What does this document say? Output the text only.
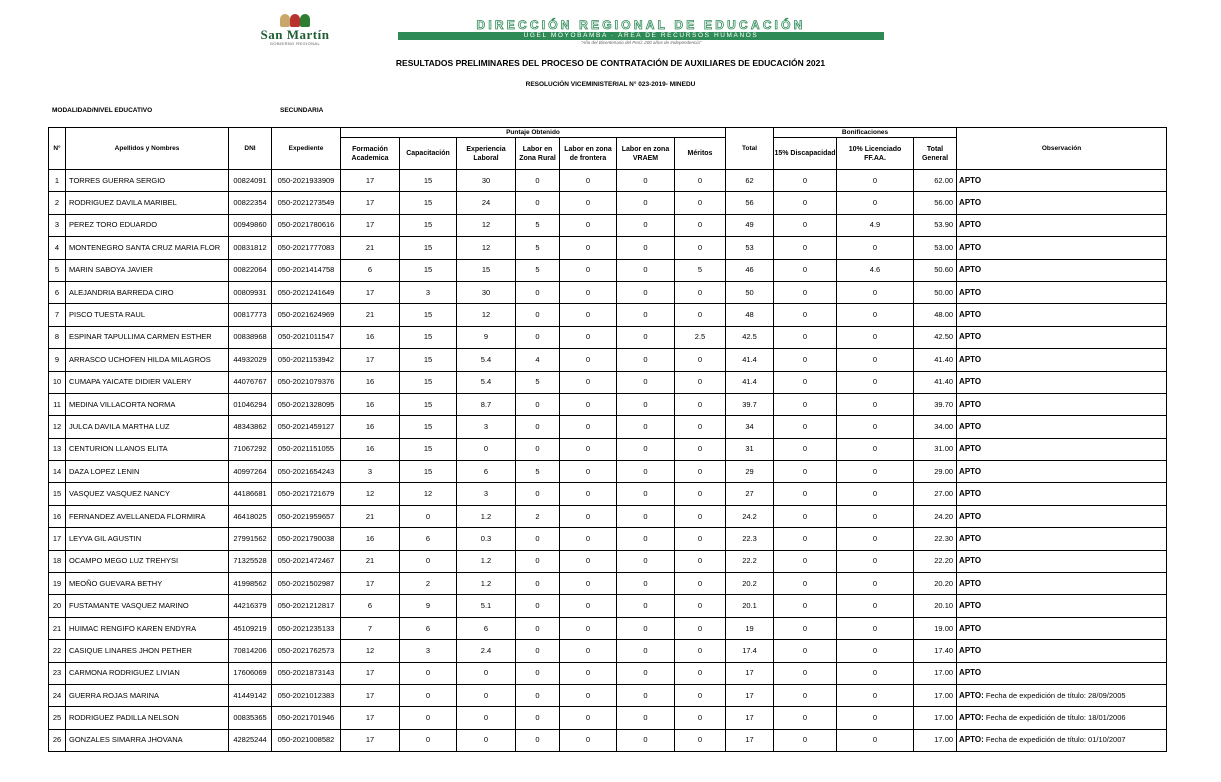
San Martín
GOBIERNO REGIONAL
DIRECCIÓN REGIONAL DE EDUCACIÓN
UGEL MOYOBAMBA · ÁREA DE RECURSOS HUMANOS
"Año del Bicentenario del Perú: 200 años de Independencia"
RESULTADOS PRELIMINARES DEL PROCESO DE CONTRATACIÓN DE AUXILIARES DE EDUCACIÓN 2021
RESOLUCIÓN VICEMINISTERIAL N° 023-2019- MINEDU
MODALIDAD/NIVEL EDUCATIVO	SECUNDARIA
N°	Apellidos y Nombres	DNI	Expediente	Puntaje Obtenido							Total	Bonificaciones			Observación
				Formación Academica	Capacitación	Experiencia Laboral	Labor en Zona Rural	Labor en zona de frontera	Labor en zona VRAEM	Méritos		15% Discapacidad	10% Licenciado FF.AA.	Total General	
1	TORRES GUERRA SERGIO	00824091	050-2021933909	17	15	30	0	0	0	0	62	0	0	62.00	APTO
2	RODRIGUEZ DAVILA MARIBEL	00822354	050-2021273549	17	15	24	0	0	0	0	56	0	0	56.00	APTO
3	PEREZ TORO EDUARDO	00949860	050-2021780616	17	15	12	5	0	0	0	49	0	4.9	53.90	APTO
4	MONTENEGRO SANTA CRUZ MARIA FLOR	00831812	050-2021777083	21	15	12	5	0	0	0	53	0	0	53.00	APTO
5	MARIN SABOYA JAVIER	00822064	050-2021414758	6	15	15	5	0	0	5	46	0	4.6	50.60	APTO
6	ALEJANDRIA BARREDA CIRO	00809931	050-2021241649	17	3	30	0	0	0	0	50	0	0	50.00	APTO
7	PISCO TUESTA RAUL	00817773	050-2021624969	21	15	12	0	0	0	0	48	0	0	48.00	APTO
8	ESPINAR TAPULLIMA CARMEN ESTHER	00838968	050-2021011547	16	15	9	0	0	0	2.5	42.5	0	0	42.50	APTO
9	ARRASCO UCHOFEN HILDA MILAGROS	44932029	050-2021153942	17	15	5.4	4	0	0	0	41.4	0	0	41.40	APTO
10	CUMAPA YAICATE DIDIER VALERY	44076767	050-2021079376	16	15	5.4	5	0	0	0	41.4	0	0	41.40	APTO
11	MEDINA VILLACORTA NORMA	01046294	050-2021328095	16	15	8.7	0	0	0	0	39.7	0	0	39.70	APTO
12	JULCA DAVILA MARTHA LUZ	48343862	050-2021459127	16	15	3	0	0	0	0	34	0	0	34.00	APTO
13	CENTURION LLANOS ELITA	71067292	050-2021151055	16	15	0	0	0	0	0	31	0	0	31.00	APTO
14	DAZA LOPEZ LENIN	40997264	050-2021654243	3	15	6	5	0	0	0	29	0	0	29.00	APTO
15	VASQUEZ VASQUEZ NANCY	44186681	050-2021721679	12	12	3	0	0	0	0	27	0	0	27.00	APTO
16	FERNANDEZ AVELLANEDA FLORMIRA	46418025	050-2021959657	21	0	1.2	2	0	0	0	24.2	0	0	24.20	APTO
17	LEYVA GIL AGUSTIN	27991562	050-2021790038	16	6	0.3	0	0	0	0	22.3	0	0	22.30	APTO
18	OCAMPO MEGO LUZ TREHYSI	71325528	050-2021472467	21	0	1.2	0	0	0	0	22.2	0	0	22.20	APTO
19	MEOÑO GUEVARA BETHY	41998562	050-2021502987	17	2	1.2	0	0	0	0	20.2	0	0	20.20	APTO
20	FUSTAMANTE VASQUEZ MARINO	44216379	050-2021212817	6	9	5.1	0	0	0	0	20.1	0	0	20.10	APTO
21	HUIMAC RENGIFO KAREN ENDYRA	45109219	050-2021235133	7	6	6	0	0	0	0	19	0	0	19.00	APTO
22	CASIQUE LINARES JHON PETHER	70814206	050-2021762573	12	3	2.4	0	0	0	0	17.4	0	0	17.40	APTO
23	CARMONA RODRIGUEZ LIVIAN	17606069	050-2021873143	17	0	0	0	0	0	0	17	0	0	17.00	APTO
24	GUERRA ROJAS MARINA	41449142	050-2021012383	17	0	0	0	0	0	0	17	0	0	17.00	APTO: Fecha de expedición de título: 28/09/2005
25	RODRIGUEZ PADILLA NELSON	00835365	050-2021701946	17	0	0	0	0	0	0	17	0	0	17.00	APTO: Fecha de expedición de título: 18/01/2006
26	GONZALES SIMARRA JHOVANA	42825244	050-2021008582	17	0	0	0	0	0	0	17	0	0	17.00	APTO: Fecha de expedición de título: 01/10/2007
